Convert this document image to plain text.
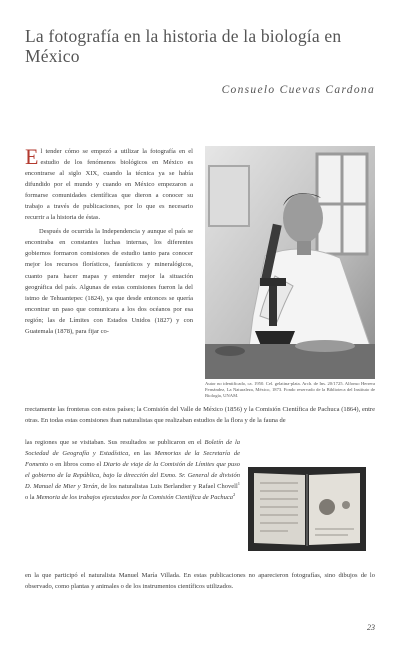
La fotografía en la historia de la biología en México
Consuelo Cuevas Cardona

El tender cómo se empezó a utilizar la fotografía en el estudio de los fenómenos biológicos en México es encontrarse al siglo XIX, cuando la técnica ya se había difundido por el mundo y cuando en México empezaron a formarse comunidades científicas que dieron a conocer su trabajo a través de publicaciones, por lo que es necesario recurrir a la historia de éstas.

Después de ocurrida la Independencia y aunque el país se encontraba en constantes luchas internas, los diferentes gobiernos formaron comisiones de estudio tanto para conocer mejor los recursos florísticos, faunísticos y mineralógicos, cuanto para hacer mapas y entender mejor la situación geográfica del país. Algunas de estas comisiones fueron la del istmo de Tehuantepec (1824), ya que desde entonces se quería encontrar un paso que comunicara a los dos océanos por esa región; las de Límites con Estados Unidos (1827) y con Guatemala (1878), para fijar co-

Autor no identificado, ca. 1950. Cel. gelatina-plata. Arch. de Ins. 20/1725. Alfonso Herrera Fernández, La Naturaleza, México, 1873. Fondo reservado de la Biblioteca del Instituto de Biología, UNAM.

rrectamente las fronteras con estos países; la Comisión del Valle de México (1856) y la Comisión Científica de Pachuca (1864), entre otras. En todas estas comisiones iban naturalistas que realizaban estudios de la flora y de la fauna de

las regiones que se visitaban. Sus resultados se publicaron en el Boletín de la Sociedad de Geografía y Estadística, en las Memorias de la Secretaría de Fomento o en libros como el Diario de viaje de la Comisión de Límites que puso el gobierno de la República, bajo la dirección del Exmo. Sr. General de división D. Manuel de Mier y Terán, de los naturalistas Luis Berlandier y Rafael Chovell$^1$ o la Memoria de los trabajos ejecutados por la Comisión Científica de Pachuca$^2$

en la que participó el naturalista Manuel María Villada. En estas publicaciones no aparecieron fotografías, sino dibujos de lo observado, como plantas y animales o de los instrumentos científicos utilizados.

23
